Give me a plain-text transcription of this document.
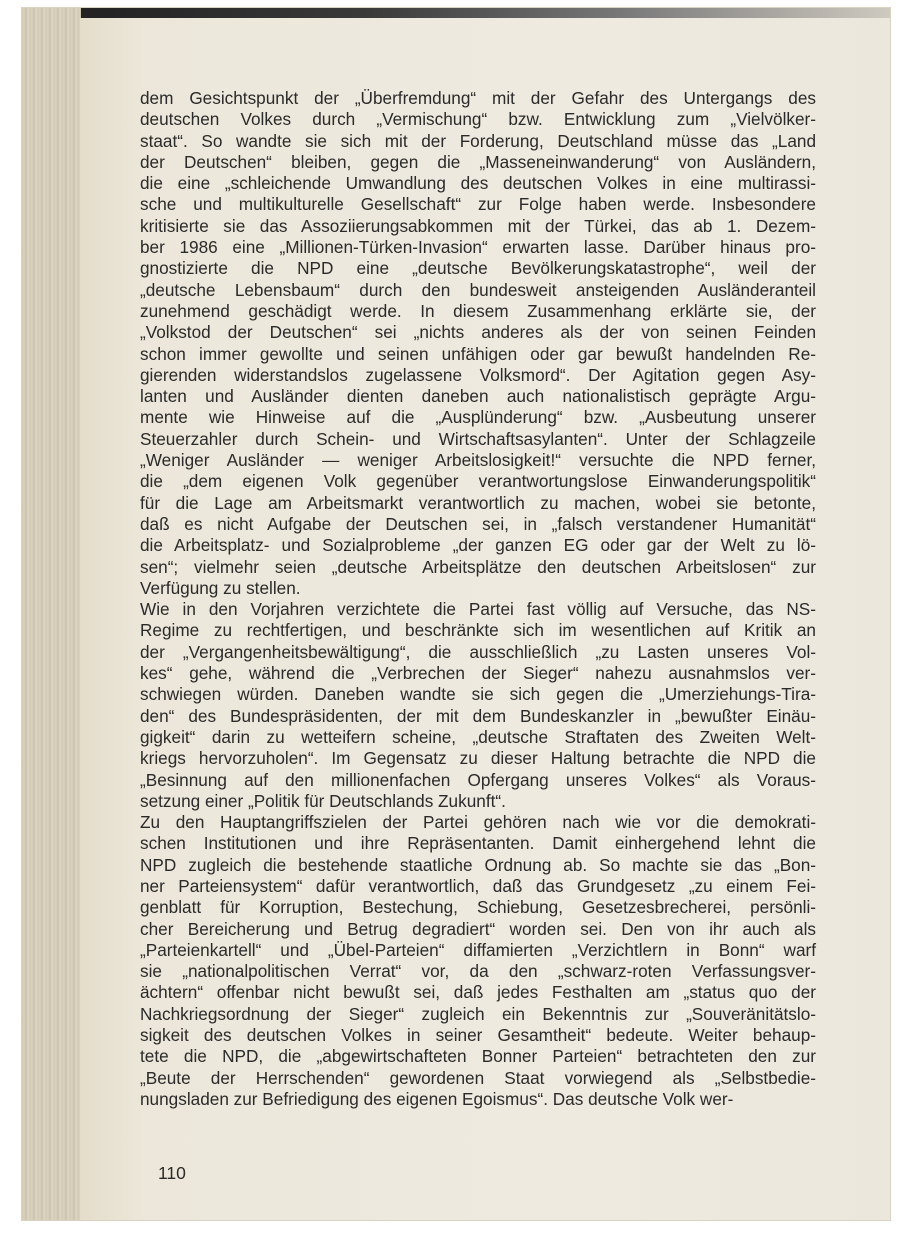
dem Gesichtspunkt der „Überfremdung“ mit der Gefahr des Untergangs des
deutschen Volkes durch „Vermischung“ bzw. Entwicklung zum „Vielvölker-
staat“. So wandte sie sich mit der Forderung, Deutschland müsse das „Land
der Deutschen“ bleiben, gegen die „Masseneinwanderung“ von Ausländern,
die eine „schleichende Umwandlung des deutschen Volkes in eine multirassi-
sche und multikulturelle Gesellschaft“ zur Folge haben werde. Insbesondere
kritisierte sie das Assoziierungsabkommen mit der Türkei, das ab 1. Dezem-
ber 1986 eine „Millionen-Türken-Invasion“ erwarten lasse. Darüber hinaus pro-
gnostizierte die NPD eine „deutsche Bevölkerungskatastrophe“, weil der
„deutsche Lebensbaum“ durch den bundesweit ansteigenden Ausländeranteil
zunehmend geschädigt werde. In diesem Zusammenhang erklärte sie, der
„Volkstod der Deutschen“ sei „nichts anderes als der von seinen Feinden
schon immer gewollte und seinen unfähigen oder gar bewußt handelnden Re-
gierenden widerstandslos zugelassene Volksmord“. Der Agitation gegen Asy-
lanten und Ausländer dienten daneben auch nationalistisch geprägte Argu-
mente wie Hinweise auf die „Ausplünderung“ bzw. „Ausbeutung unserer
Steuerzahler durch Schein- und Wirtschaftsasylanten“. Unter der Schlagzeile
„Weniger Ausländer — weniger Arbeitslosigkeit!“ versuchte die NPD ferner,
die „dem eigenen Volk gegenüber verantwortungslose Einwanderungspolitik“
für die Lage am Arbeitsmarkt verantwortlich zu machen, wobei sie betonte,
daß es nicht Aufgabe der Deutschen sei, in „falsch verstandener Humanität“
die Arbeitsplatz- und Sozialprobleme „der ganzen EG oder gar der Welt zu lö-
sen“; vielmehr seien „deutsche Arbeitsplätze den deutschen Arbeitslosen“ zur
Verfügung zu stellen.
Wie in den Vorjahren verzichtete die Partei fast völlig auf Versuche, das NS-
Regime zu rechtfertigen, und beschränkte sich im wesentlichen auf Kritik an
der „Vergangenheitsbewältigung“, die ausschließlich „zu Lasten unseres Vol-
kes“ gehe, während die „Verbrechen der Sieger“ nahezu ausnahmslos ver-
schwiegen würden. Daneben wandte sie sich gegen die „Umerziehungs-Tira-
den“ des Bundespräsidenten, der mit dem Bundeskanzler in „bewußter Einäu-
gigkeit“ darin zu wetteifern scheine, „deutsche Straftaten des Zweiten Welt-
kriegs hervorzuholen“. Im Gegensatz zu dieser Haltung betrachte die NPD die
„Besinnung auf den millionenfachen Opfergang unseres Volkes“ als Voraus-
setzung einer „Politik für Deutschlands Zukunft“.
Zu den Hauptangriffszielen der Partei gehören nach wie vor die demokrati-
schen Institutionen und ihre Repräsentanten. Damit einhergehend lehnt die
NPD zugleich die bestehende staatliche Ordnung ab. So machte sie das „Bon-
ner Parteiensystem“ dafür verantwortlich, daß das Grundgesetz „zu einem Fei-
genblatt für Korruption, Bestechung, Schiebung, Gesetzesbrecherei, persönli-
cher Bereicherung und Betrug degradiert“ worden sei. Den von ihr auch als
„Parteienkartell“ und „Übel-Parteien“ diffamierten „Verzichtlern in Bonn“ warf
sie „nationalpolitischen Verrat“ vor, da den „schwarz-roten Verfassungsver-
ächtern“ offenbar nicht bewußt sei, daß jedes Festhalten am „status quo der
Nachkriegsordnung der Sieger“ zugleich ein Bekenntnis zur „Souveränitätslo-
sigkeit des deutschen Volkes in seiner Gesamtheit“ bedeute. Weiter behaup-
tete die NPD, die „abgewirtschafteten Bonner Parteien“ betrachteten den zur
„Beute der Herrschenden“ gewordenen Staat vorwiegend als „Selbstbedie-
nungsladen zur Befriedigung des eigenen Egoismus“. Das deutsche Volk wer-
110
